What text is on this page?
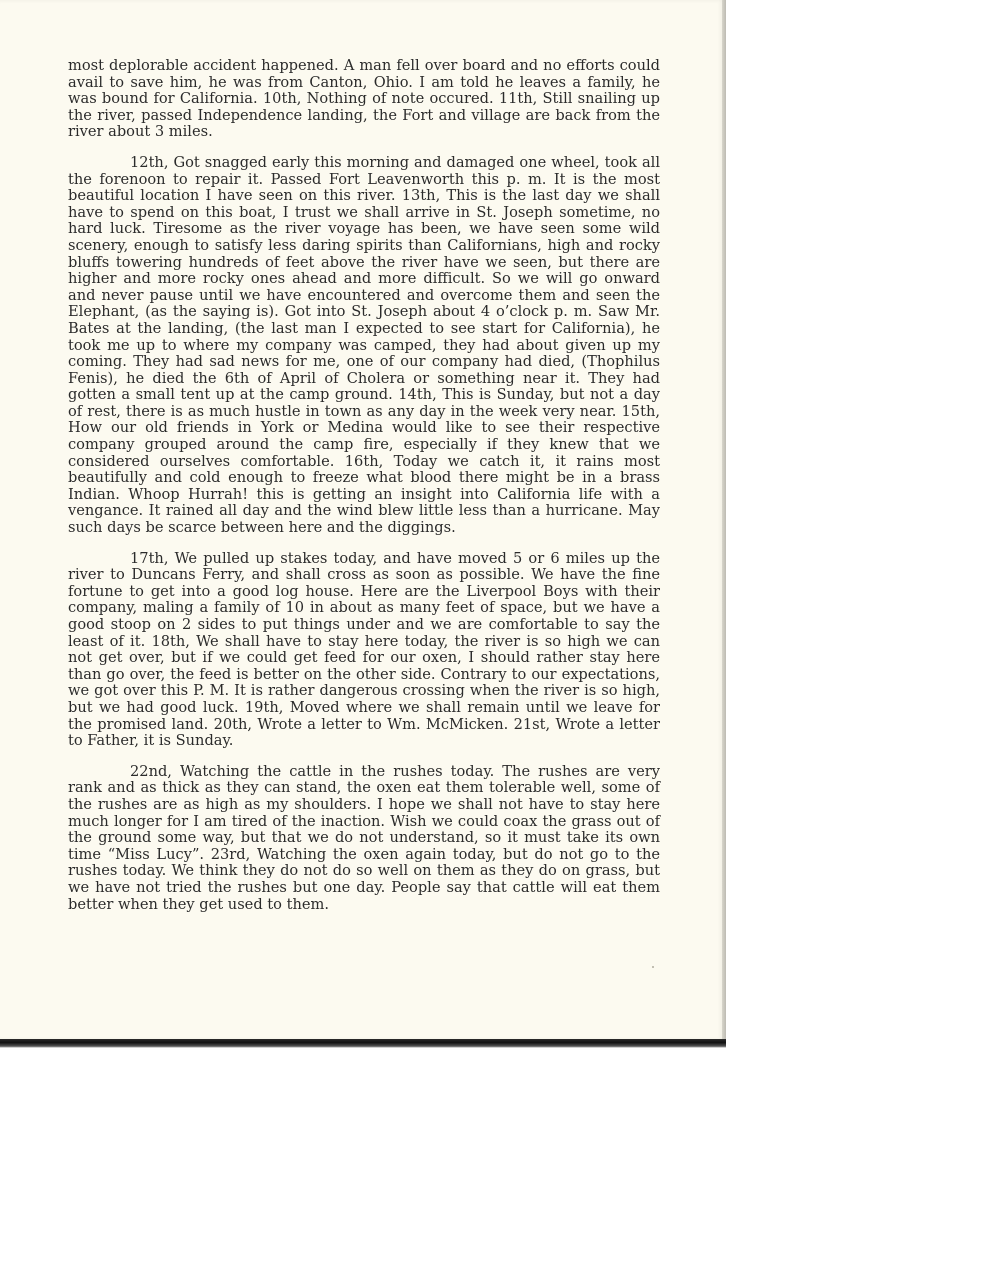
most deplorable accident happened. A man fell over board and no efforts could avail to save him, he was from Canton, Ohio. I am told he leaves a family, he was bound for California. 10th, Nothing of note occured. 11th, Still snailing up the river, passed Independence landing, the Fort and village are back from the river about 3 miles.

12th, Got snagged early this morning and damaged one wheel, took all the forenoon to repair it. Passed Fort Leavenworth this p. m. It is the most beautiful location I have seen on this river. 13th, This is the last day we shall have to spend on this boat, I trust we shall arrive in St. Joseph sometime, no hard luck. Tiresome as the river voyage has been, we have seen some wild scenery, enough to satisfy less daring spirits than Californians, high and rocky bluffs towering hundreds of feet above the river have we seen, but there are higher and more rocky ones ahead and more difficult. So we will go onward and never pause until we have encountered and overcome them and seen the Elephant, (as the saying is). Got into St. Joseph about 4 o’clock p. m. Saw Mr. Bates at the landing, (the last man I expected to see start for California), he took me up to where my company was camped, they had about given up my coming. They had sad news for me, one of our company had died, (Thophilus Fenis), he died the 6th of April of Cholera or something near it. They had gotten a small tent up at the camp ground. 14th, This is Sunday, but not a day of rest, there is as much hustle in town as any day in the week very near. 15th, How our old friends in York or Medina would like to see their respective company grouped around the camp fire, especially if they knew that we considered ourselves comfortable. 16th, Today we catch it, it rains most beautifully and cold enough to freeze what blood there might be in a brass Indian. Whoop Hurrah! this is getting an insight into California life with a vengance. It rained all day and the wind blew little less than a hurricane. May such days be scarce between here and the diggings.

17th, We pulled up stakes today, and have moved 5 or 6 miles up the river to Duncans Ferry, and shall cross as soon as possible. We have the fine fortune to get into a good log house. Here are the Liverpool Boys with their company, maling a family of 10 in about as many feet of space, but we have a good stoop on 2 sides to put things under and we are comfortable to say the least of it. 18th, We shall have to stay here today, the river is so high we can not get over, but if we could get feed for our oxen, I should rather stay here than go over, the feed is better on the other side. Contrary to our expectations, we got over this P. M. It is rather dangerous crossing when the river is so high, but we had good luck. 19th, Moved where we shall remain until we leave for the promised land. 20th, Wrote a letter to Wm. McMicken. 21st, Wrote a letter to Father, it is Sunday.

22nd, Watching the cattle in the rushes today. The rushes are very rank and as thick as they can stand, the oxen eat them tolerable well, some of the rushes are as high as my shoulders. I hope we shall not have to stay here much longer for I am tired of the inaction. Wish we could coax the grass out of the ground some way, but that we do not understand, so it must take its own time “Miss Lucy”. 23rd, Watching the oxen again today, but do not go to the rushes today. We think they do not do so well on them as they do on grass, but we have not tried the rushes but one day. People say that cattle will eat them better when they get used to them.
